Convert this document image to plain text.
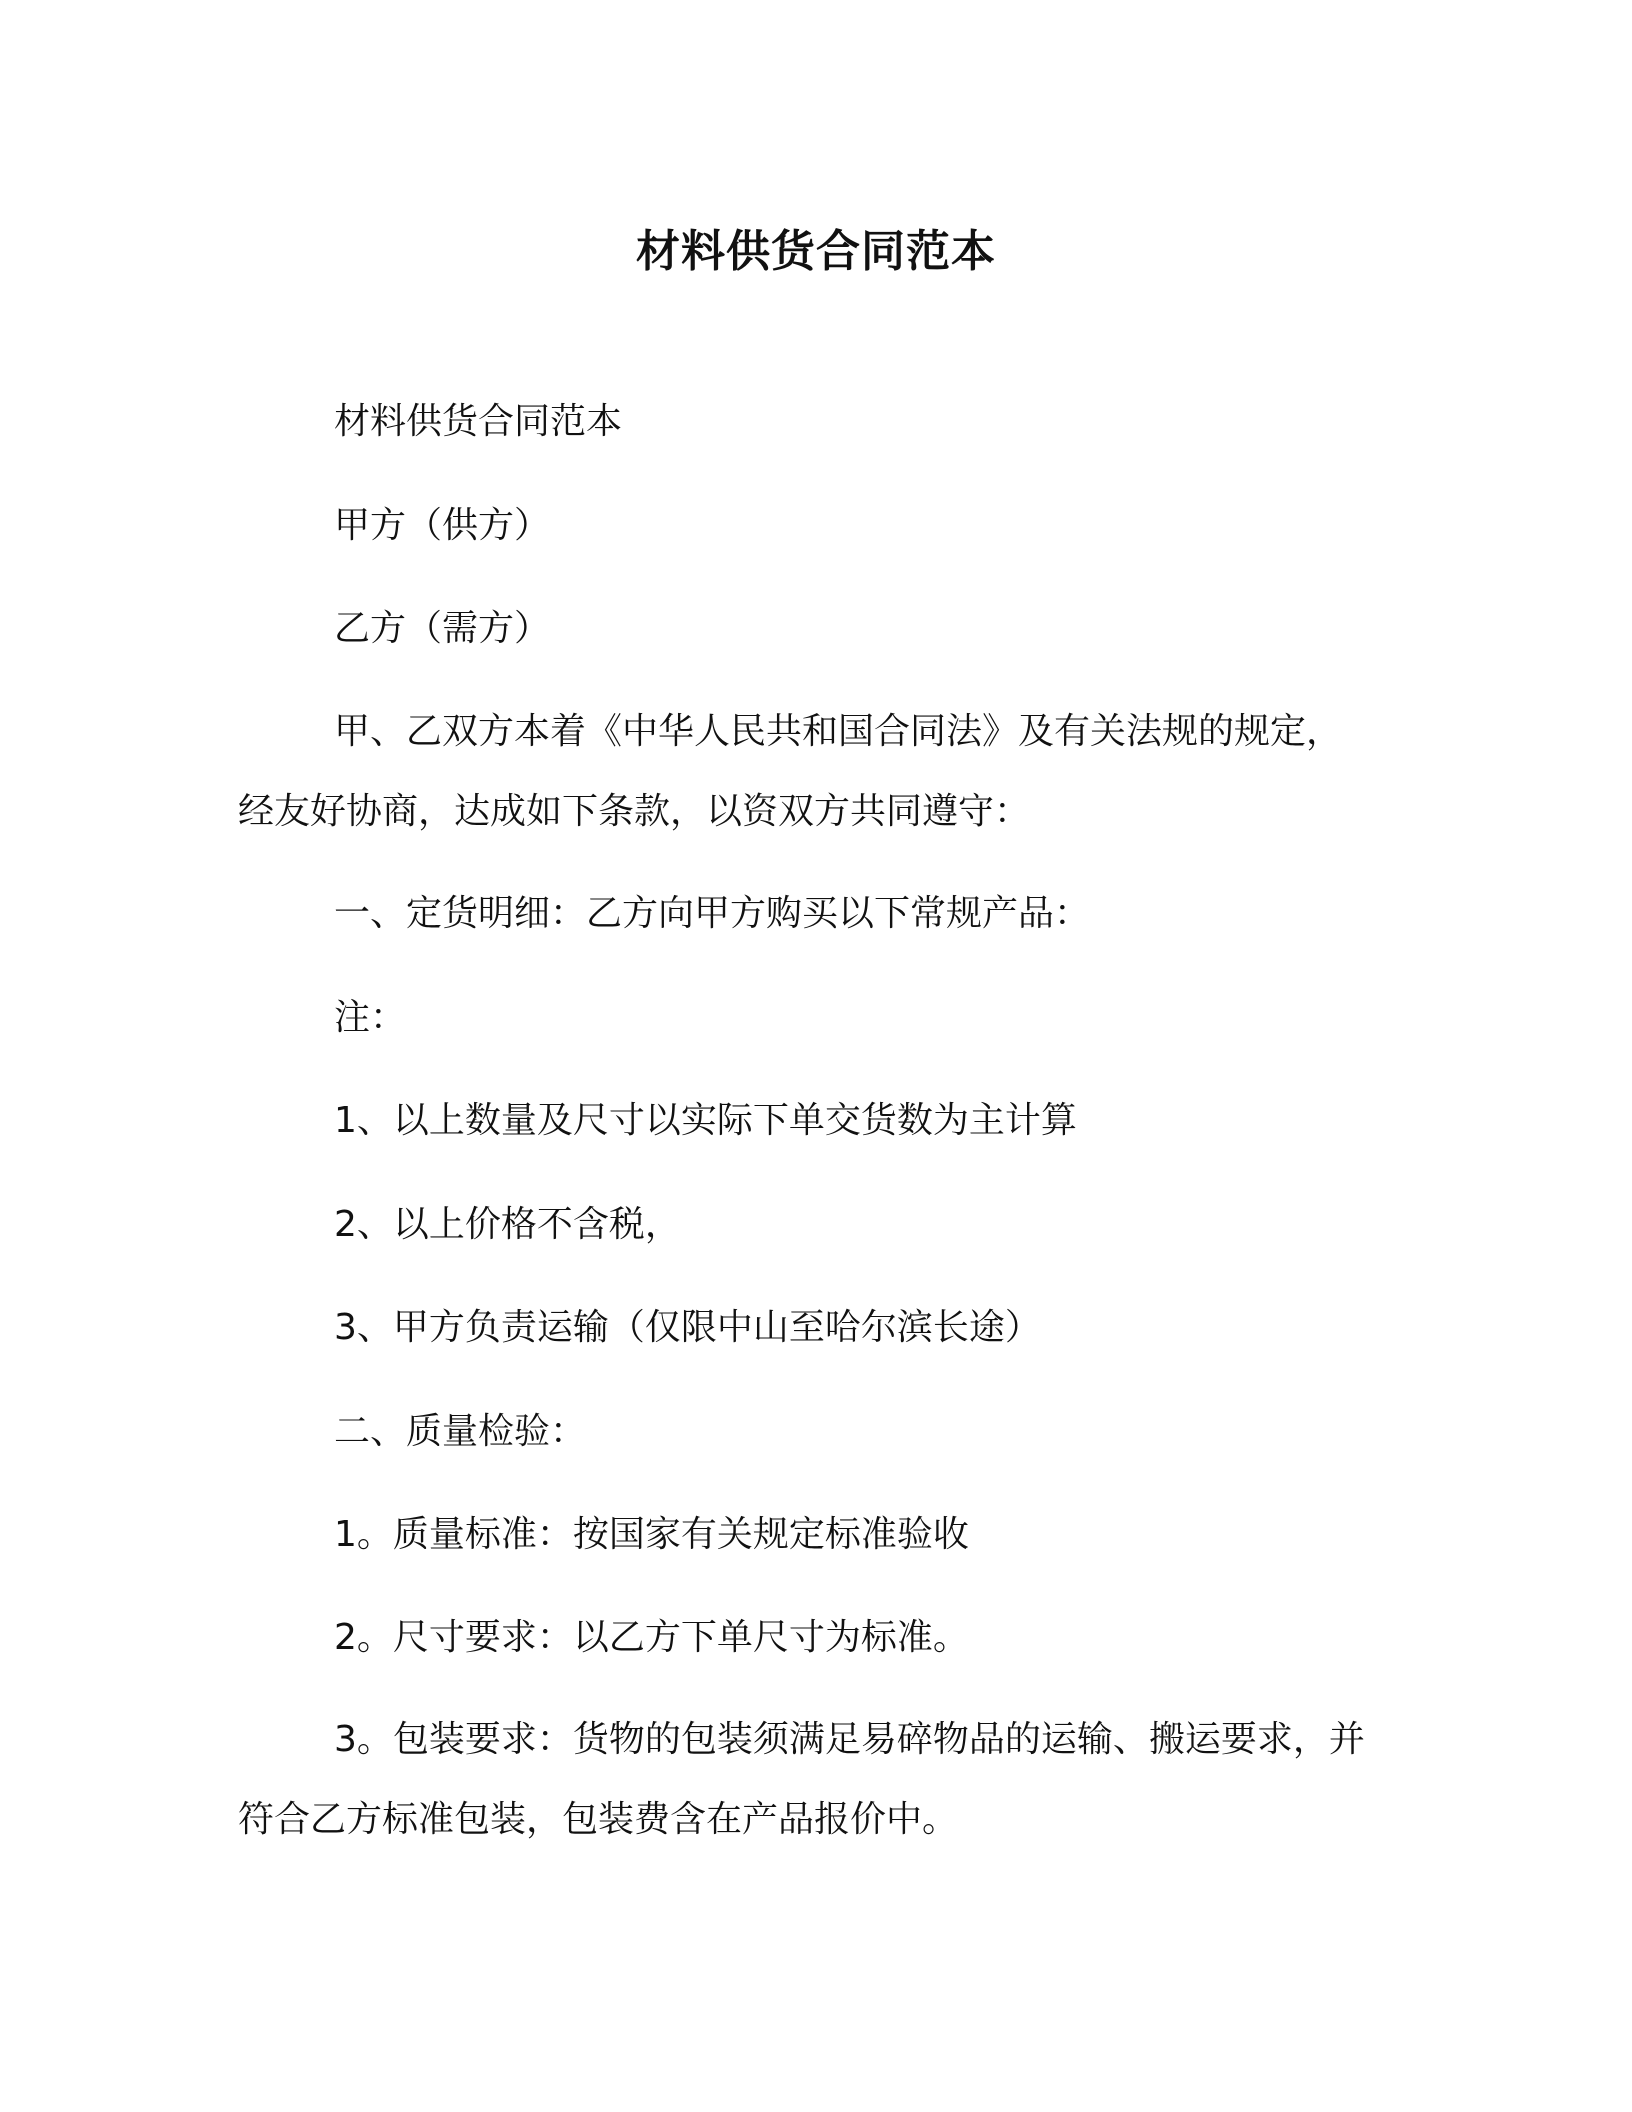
材料供货合同范本

材料供货合同范本

甲方（供方）

乙方（需方）

甲、乙双方本着《中华人民共和国合同法》及有关法规的规定，经友好协商，达成如下条款，以资双方共同遵守：

一、定货明细：乙方向甲方购买以下常规产品：

注：

1、以上数量及尺寸以实际下单交货数为主计算

2、以上价格不含税，

3、甲方负责运输（仅限中山至哈尔滨长途）

二、质量检验：

1。质量标准：按国家有关规定标准验收

2。尺寸要求：以乙方下单尺寸为标准。

3。包装要求：货物的包装须满足易碎物品的运输、搬运要求，并符合乙方标准包装，包装费含在产品报价中。
